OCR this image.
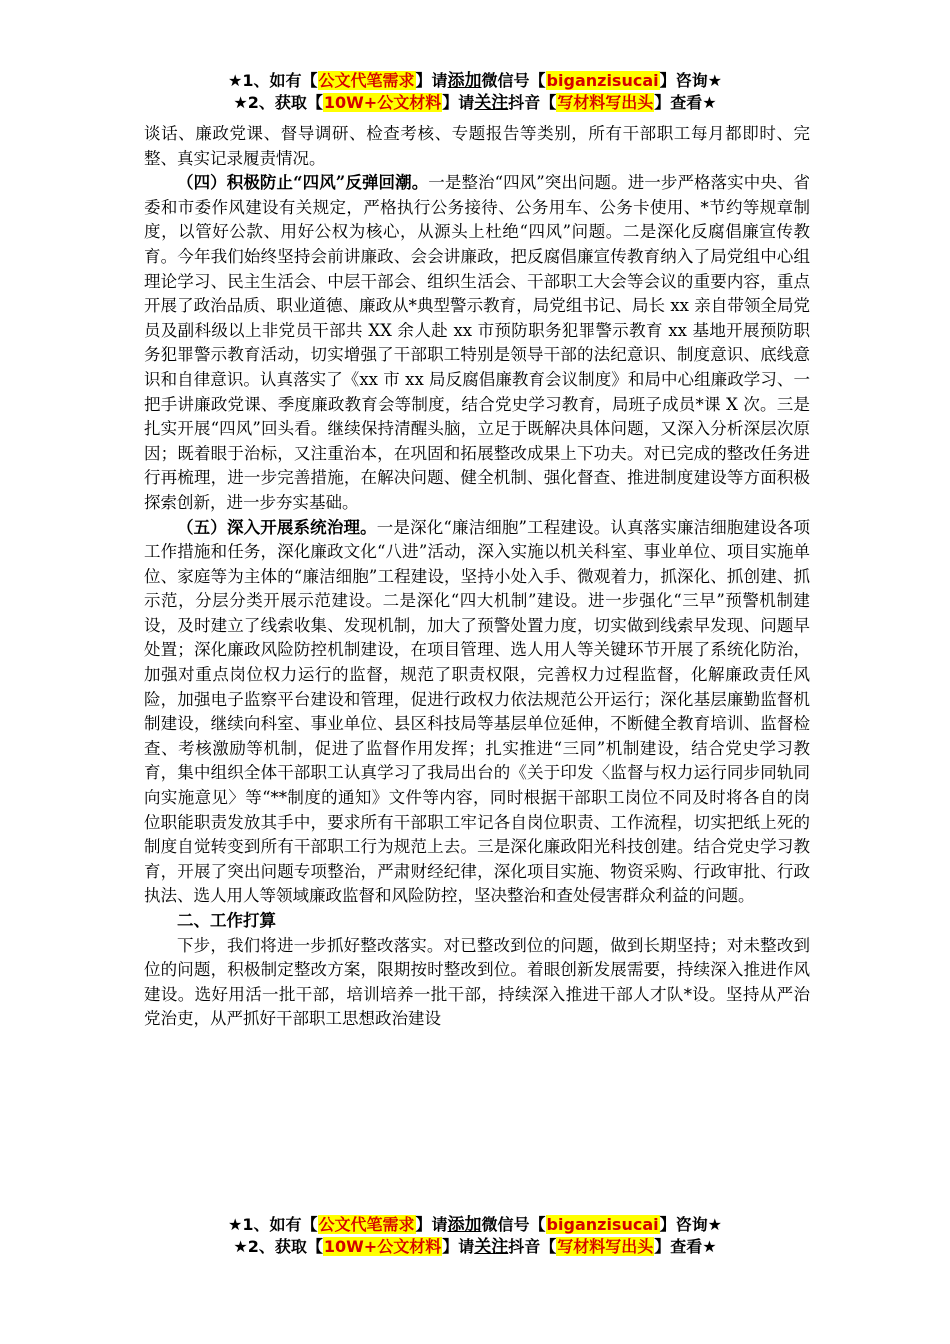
★1、如有【公文代笔需求】请添加微信号【biganzisucai】咨询★
★2、获取【10W+公文材料】请关注抖音【写材料写出头】查看★

谈话、廉政党课、督导调研、检查考核、专题报告等类别，所有干部职工每月都即时、完整、真实记录履责情况。

（四）积极防止“四风”反弹回潮。一是整治“四风”突出问题。进一步严格落实中央、省委和市委作风建设有关规定，严格执行公务接待、公务用车、公务卡使用、*节约等规章制度，以管好公款、用好公权为核心，从源头上杜绝“四风”问题。二是深化反腐倡廉宣传教育。今年我们始终坚持会前讲廉政、会会讲廉政，把反腐倡廉宣传教育纳入了局党组中心组理论学习、民主生活会、中层干部会、组织生活会、干部职工大会等会议的重要内容，重点开展了政治品质、职业道德、廉政从*典型警示教育，局党组书记、局长 xx 亲自带领全局党员及副科级以上非党员干部共 XX 余人赴 xx 市预防职务犯罪警示教育 xx 基地开展预防职务犯罪警示教育活动，切实增强了干部职工特别是领导干部的法纪意识、制度意识、底线意识和自律意识。认真落实了《xx 市 xx 局反腐倡廉教育会议制度》和局中心组廉政学习、一把手讲廉政党课、季度廉政教育会等制度，结合党史学习教育，局班子成员*课 X 次。三是扎实开展“四风”回头看。继续保持清醒头脑，立足于既解决具体问题，又深入分析深层次原因；既着眼于治标，又注重治本，在巩固和拓展整改成果上下功夫。对已完成的整改任务进行再梳理，进一步完善措施，在解决问题、健全机制、强化督查、推进制度建设等方面积极探索创新，进一步夯实基础。

（五）深入开展系统治理。一是深化“廉洁细胞”工程建设。认真落实廉洁细胞建设各项工作措施和任务，深化廉政文化“八进”活动，深入实施以机关科室、事业单位、项目实施单位、家庭等为主体的“廉洁细胞”工程建设，坚持小处入手、微观着力，抓深化、抓创建、抓示范，分层分类开展示范建设。二是深化“四大机制”建设。进一步强化“三早”预警机制建设，及时建立了线索收集、发现机制，加大了预警处置力度，切实做到线索早发现、问题早处置；深化廉政风险防控机制建设，在项目管理、选人用人等关键环节开展了系统化防治，加强对重点岗位权力运行的监督，规范了职责权限，完善权力过程监督，化解廉政责任风险，加强电子监察平台建设和管理，促进行政权力依法规范公开运行；深化基层廉勤监督机制建设，继续向科室、事业单位、县区科技局等基层单位延伸，不断健全教育培训、监督检查、考核激励等机制，促进了监督作用发挥；扎实推进“三同”机制建设，结合党史学习教育，集中组织全体干部职工认真学习了我局出台的《关于印发〈监督与权力运行同步同轨同向实施意见〉等“**制度的通知》文件等内容，同时根据干部职工岗位不同及时将各自的岗位职能职责发放其手中，要求所有干部职工牢记各自岗位职责、工作流程，切实把纸上死的制度自觉转变到所有干部职工行为规范上去。三是深化廉政阳光科技创建。结合党史学习教育，开展了突出问题专项整治，严肃财经纪律，深化项目实施、物资采购、行政审批、行政执法、选人用人等领域廉政监督和风险防控，坚决整治和查处侵害群众利益的问题。

二、工作打算

下步，我们将进一步抓好整改落实。对已整改到位的问题，做到长期坚持；对未整改到位的问题，积极制定整改方案，限期按时整改到位。着眼创新发展需要，持续深入推进作风建设。选好用活一批干部，培训培养一批干部，持续深入推进干部人才队*设。坚持从严治党治吏，从严抓好干部职工思想政治建设

★1、如有【公文代笔需求】请添加微信号【biganzisucai】咨询★
★2、获取【10W+公文材料】请关注抖音【写材料写出头】查看★
